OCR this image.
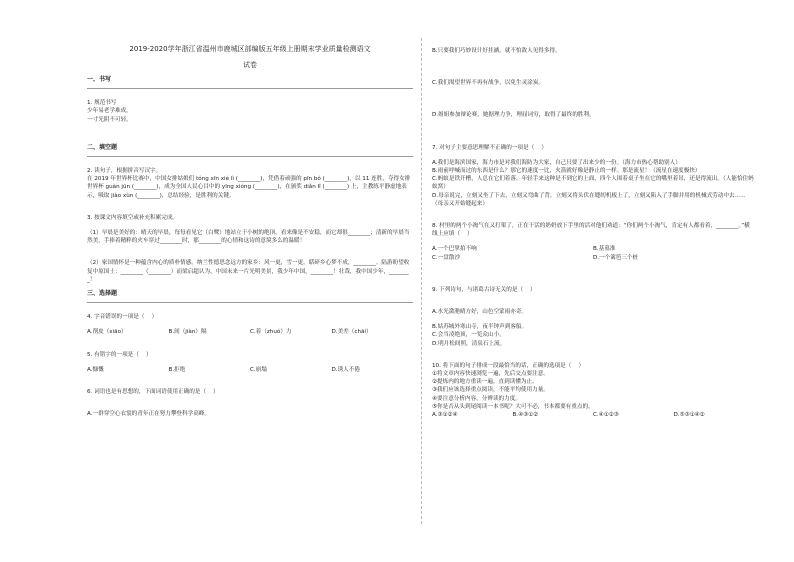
2019-2020学年浙江省温州市鹿城区部编版五年级上册期末学业质量检测语文
试卷
一、书写
1. 规范书写
少年易老学难成，
一寸光阴不可轻。
二、填空题
2. 读句子，根据拼音写汉字。
在 2019 年世界杯比赛中，中国女排姑娘们 tóng xīn xié lì (________)，凭借着顽强的 pīn bó (________)，以 11 连胜，夺得女排世界杯 guàn jūn (________)，成为全国人民心目中的 yīng xióng (________)，在颁奖 diǎn lǐ (________) 上，主教练平静虚地表示，吸取 jiào xùn (________)，总结经验，是胜利的关键。
3. 按课文内容填空或补充积累完成。
（1）早晨是美好的：晴天的早晨，每每看见它（白鹭）地站立于小树的绝顶，看来像是不安稳，而它却很________；清新的早晨当然美，手捧着精粹的火车穿过________时，那________的心情和这诗的意境多么的温暖！
（2）家国情怀是一种蕴含内心的质朴情感。纳兰性德思念远方的家乡：风一更，雪一更，聒碎乡心梦不成，________。陆游盼望收复中原国土：________（________）而梁启超认为，中国未来一片光明美景，我少年中国，________！壮哉，我中国少年，________！
三、选择题
4. 字音错误的一项是（    ）
A.削皮（xiāo）	B.间（jiàn）隔	C.着（zhuó）力	D.美差（chāi）
5. 有错字的一项是（    ）
A.慷慨	B.拒绝	C.崩塌	D.诱人不倦
6. 词语也是有思想的，下面词语使用正确的是（    ）
A.一群穿空心衣裳的青年正在努力攀登科学高峰。
B.只要我们巧妙设计好挂涵，就不怕敌人见得多得。
C.我们渴望世界不再有战争，以免生灵涂炭。
D.姐姐参加辩论赛，她据理力争，理屈词穷，取得了最终的胜利。
7. 对句子主要意思理解不正确的一项是（    ）
A.我们是海滨国家，海力市是对我们海防为大家，自己只要了出来少的一份。（海力市热心帮助别人）
B.雨前呼喊而过的东西是什么？那它的速度一比，火箭就好像是静止的一样。那是流星！（流星在速度极快）
C.蚂蚁是铁开槽，人总在它们着落，年轻手来这种是不到它的上面，四个人围着桌子坐在它的嘴里着吊，还是得流出。（人能恰住蚂蚁窝）
D.母亲说完，立刻又坐了下去，立刻又弯曲了背，立刻又将头伏在缝纫机板上了，立刻又陷入了手脚并用的机械式劳动中去……（母亲又开始缝起来）
8. 村里的两个小淘气在又打架了，正在干活的奶奶放下手里的活对他们劝道：“你们两个小淘气，肯定有人都看着，________。”横线上应填（    ）
A.一个巴掌拍不响	B.基墓准
C.一盘散沙	D.一个篱笆三个桩
9. 下列诗句，与诸葛古诗无关的是（    ）
A.水光潋滟晴方好，山色空蒙雨亦奇。
B.姑苏城外寒山寺，夜半钟声到客船。
C.会当凌绝顶，一览众山小。
D.明月松间照，清泉石上流。
10. 将下面的句子排成一段最恰当的话，正确的选项是（    ）
①将文章内容快速浏览一遍，先后交点要注意。
②提炼内的地方重读一遍，直到读懂为止。
③我们应该选择重点阅读，不能平均使用力量。
④要注意分析内容，分辨读的力度。
⑤你是否从头到尾阅读一本书呢？大可不必，书本都要有重点的。
A.③①②④	B.④③①②	C.④①②③	D.⑤③①④②
